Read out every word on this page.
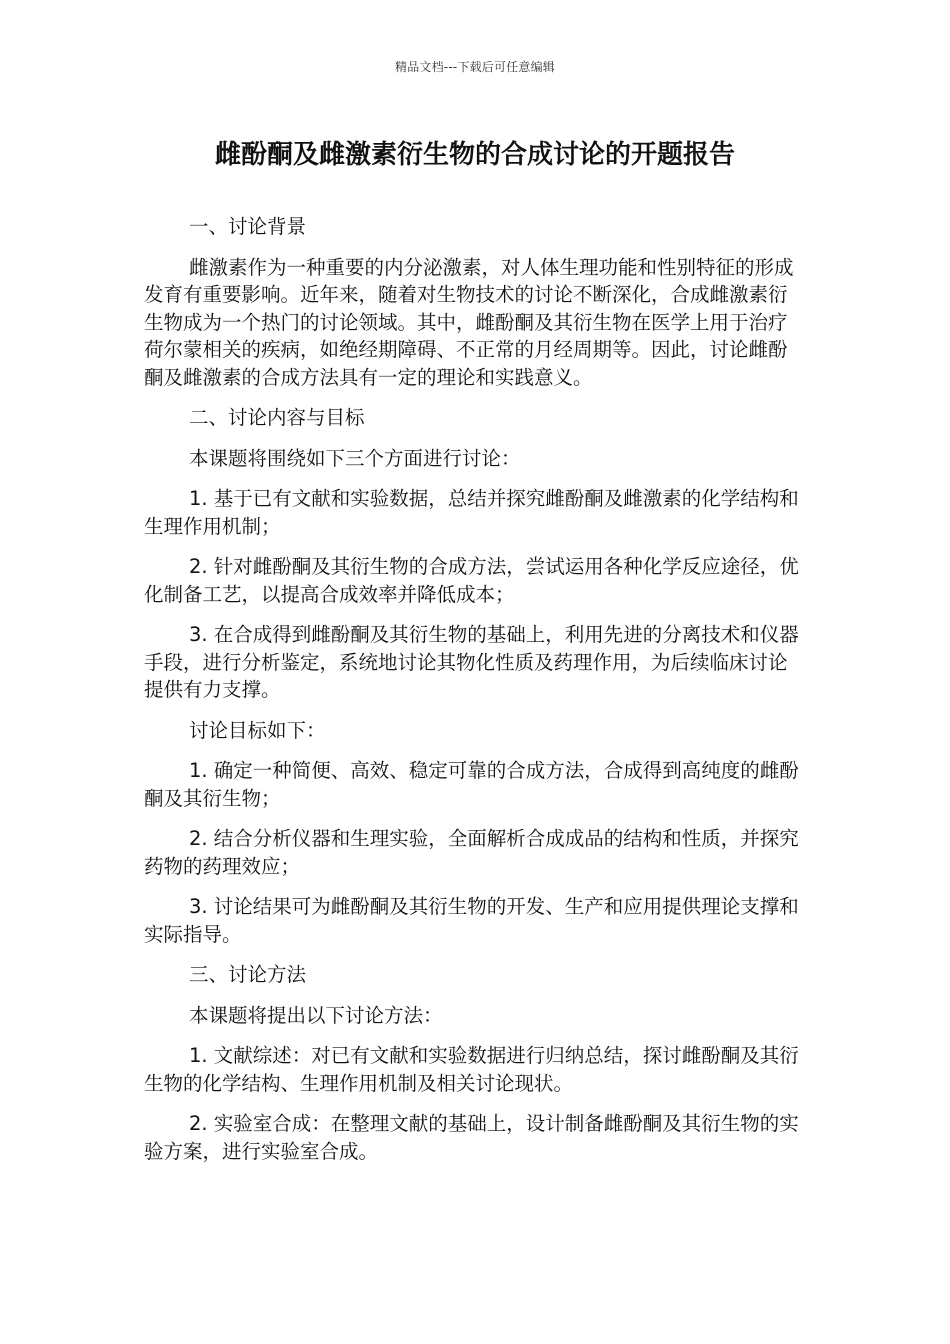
精品文档---下载后可任意编辑
雌酚酮及雌激素衍生物的合成讨论的开题报告

一、讨论背景

雌激素作为一种重要的内分泌激素，对人体生理功能和性别特征的形成发育有重要影响。近年来，随着对生物技术的讨论不断深化，合成雌激素衍生物成为一个热门的讨论领域。其中，雌酚酮及其衍生物在医学上用于治疗荷尔蒙相关的疾病，如绝经期障碍、不正常的月经周期等。因此，讨论雌酚酮及雌激素的合成方法具有一定的理论和实践意义。

二、讨论内容与目标

本课题将围绕如下三个方面进行讨论：

1. 基于已有文献和实验数据，总结并探究雌酚酮及雌激素的化学结构和生理作用机制；

2. 针对雌酚酮及其衍生物的合成方法，尝试运用各种化学反应途径，优化制备工艺，以提高合成效率并降低成本；

3. 在合成得到雌酚酮及其衍生物的基础上，利用先进的分离技术和仪器手段，进行分析鉴定，系统地讨论其物化性质及药理作用，为后续临床讨论提供有力支撑。

讨论目标如下：

1. 确定一种简便、高效、稳定可靠的合成方法，合成得到高纯度的雌酚酮及其衍生物；

2. 结合分析仪器和生理实验，全面解析合成成品的结构和性质，并探究药物的药理效应；

3. 讨论结果可为雌酚酮及其衍生物的开发、生产和应用提供理论支撑和实际指导。

三、讨论方法

本课题将提出以下讨论方法：

1. 文献综述：对已有文献和实验数据进行归纳总结，探讨雌酚酮及其衍生物的化学结构、生理作用机制及相关讨论现状。

2. 实验室合成：在整理文献的基础上，设计制备雌酚酮及其衍生物的实验方案，进行实验室合成。
